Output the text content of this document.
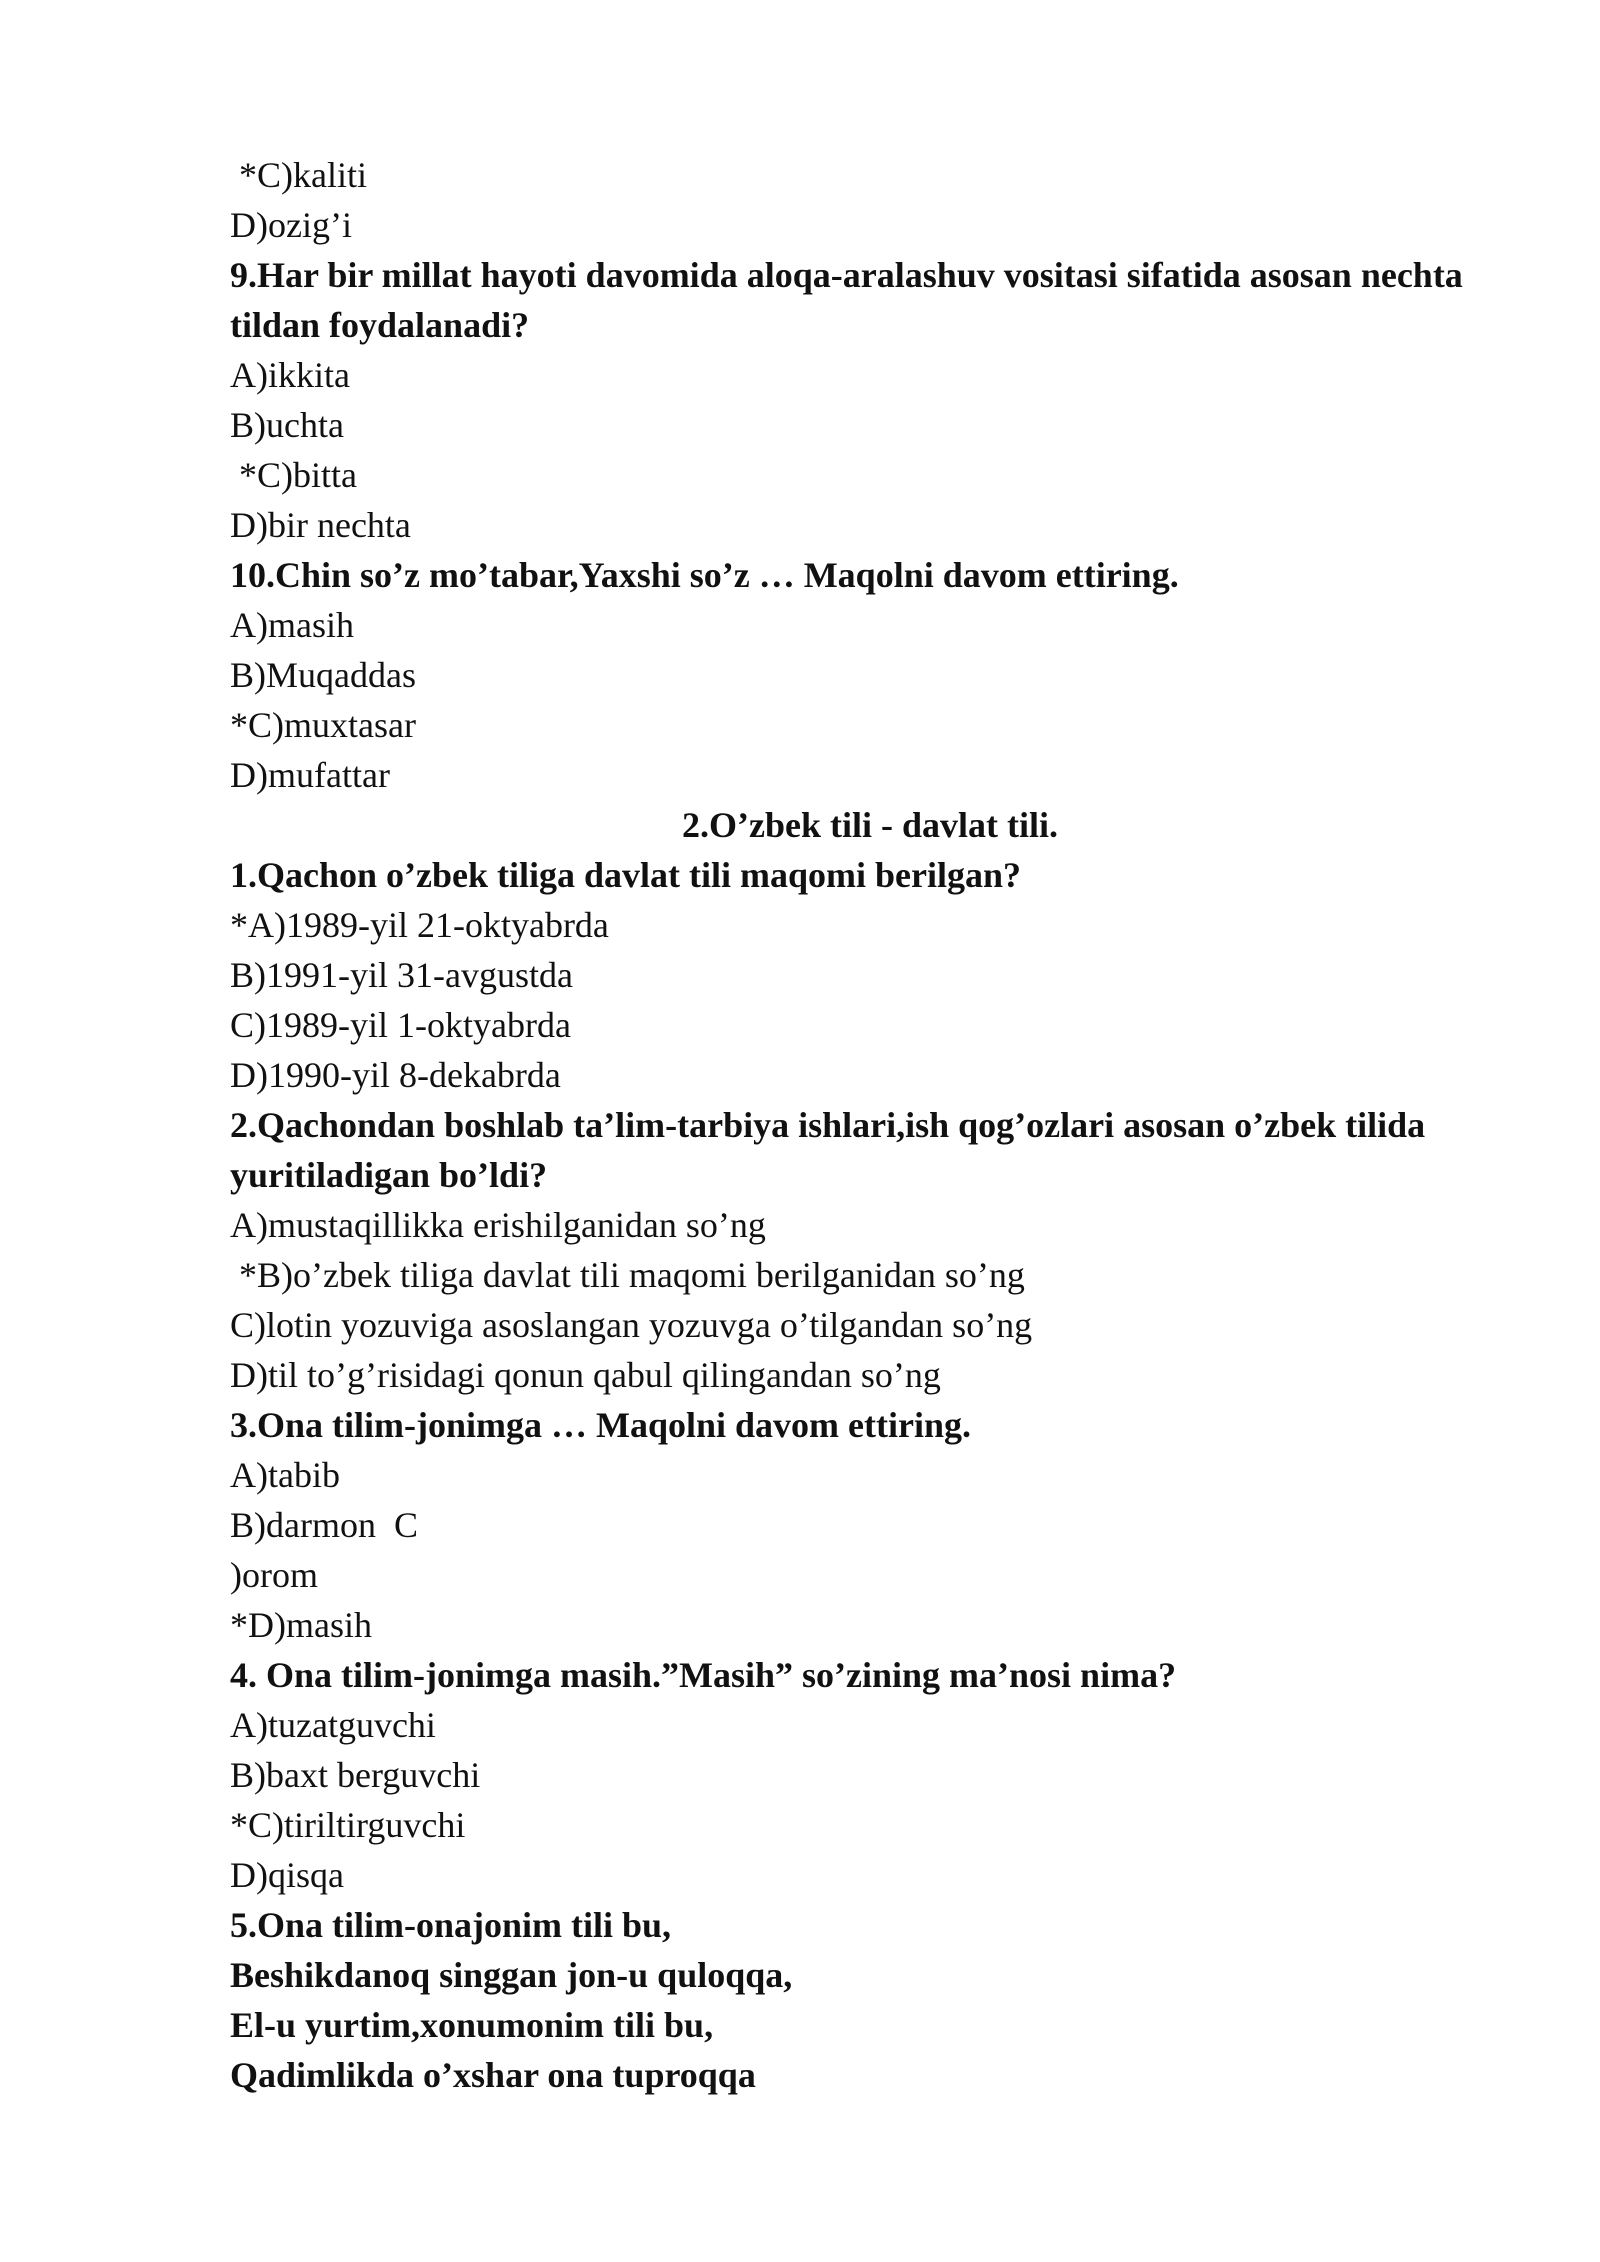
*C)kaliti

D)ozig’i

9.Har bir millat hayoti davomida aloqa-aralashuv vositasi sifatida asosan nechta tildan foydalanadi?

A)ikkita

B)uchta

*C)bitta

D)bir nechta

10.Chin so’z mo’tabar,Yaxshi so’z … Maqolni davom ettiring.

A)masih

B)Muqaddas

*C)muxtasar

D)mufattar

2.O’zbek tili - davlat tili.

1.Qachon o’zbek tiliga davlat tili maqomi berilgan?

*A)1989-yil 21-oktyabrda

B)1991-yil 31-avgustda

C)1989-yil 1-oktyabrda

D)1990-yil 8-dekabrda

2.Qachondan boshlab ta’lim-tarbiya ishlari,ish qog’ozlari asosan o’zbek tilida yuritiladigan bo’ldi?

A)mustaqillikka erishilganidan so’ng

*B)o’zbek tiliga davlat tili maqomi berilganidan so’ng

C)lotin yozuviga asoslangan yozuvga o’tilgandan so’ng

D)til to’g’risidagi qonun qabul qilingandan so’ng

3.Ona tilim-jonimga … Maqolni davom ettiring.

A)tabib

B)darmon  C

)orom

*D)masih

4. Ona tilim-jonimga masih.”Masih” so’zining ma’nosi nima?

A)tuzatguvchi

B)baxt berguvchi

*C)tiriltirguvchi

D)qisqa

5.Ona tilim-onajonim tili bu,

Beshikdanoq singgan jon-u quloqqa,

El-u yurtim,xonumonim tili bu,

Qadimlikda o’xshar ona tuproqqa
